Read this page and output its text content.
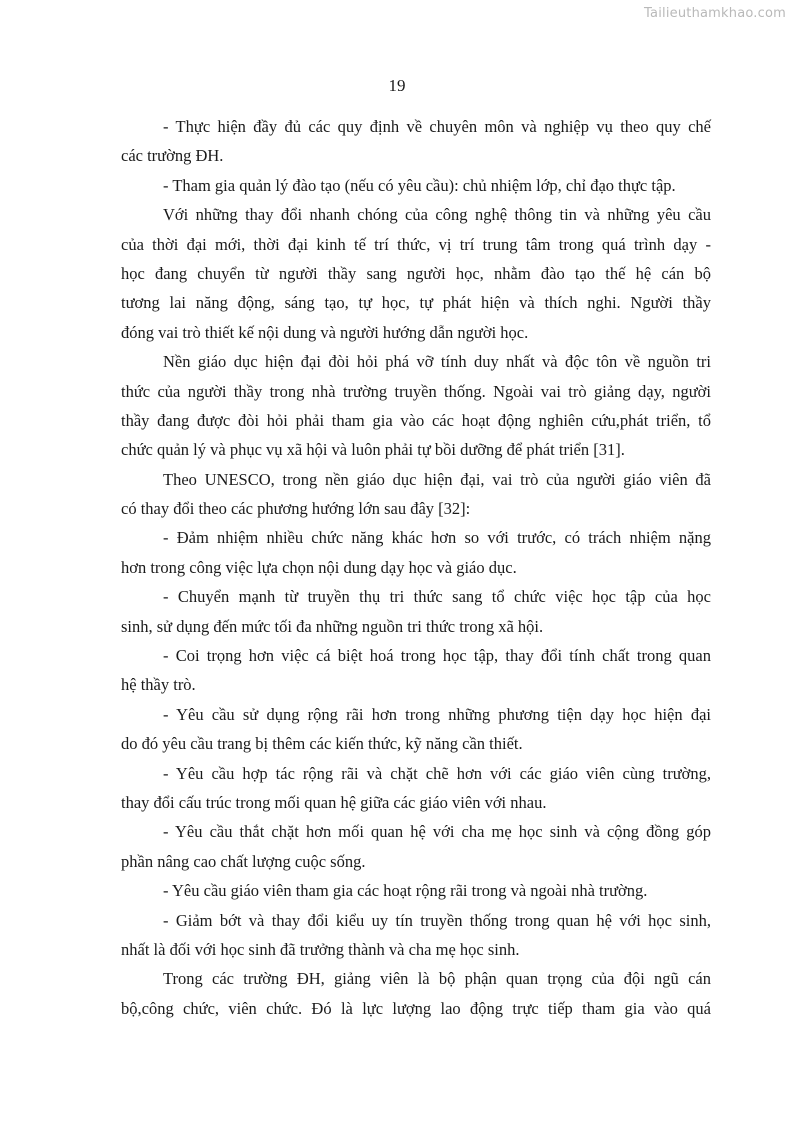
Tailieuthamkhao.com
19
- Thực hiện đầy đủ các quy định về chuyên môn và nghiệp vụ theo quy chế
các trường ĐH.
- Tham gia quản lý đào tạo (nếu có yêu cầu): chủ nhiệm lớp, chỉ đạo thực tập.
Với những thay đổi nhanh chóng của công nghệ thông tin và những yêu cầu
của thời đại mới, thời đại kinh tế trí thức, vị trí trung tâm trong quá trình dạy -
học đang chuyển từ người thầy sang người học, nhằm đào tạo thế hệ cán bộ
tương lai năng động, sáng tạo, tự học, tự phát hiện và thích nghi. Người thầy
đóng vai trò thiết kế nội dung và người hướng dẫn người học.
Nền giáo dục hiện đại đòi hỏi phá vỡ tính duy nhất và độc tôn về nguồn tri
thức của người thầy trong nhà trường truyền thống. Ngoài vai trò giảng dạy, người
thầy đang được đòi hỏi phải tham gia vào các hoạt động nghiên cứu,phát triển, tổ
chức quản lý và phục vụ xã hội và luôn phải tự bồi dưỡng để phát triển [31].
Theo UNESCO, trong nền giáo dục hiện đại, vai trò của người giáo viên đã
có thay đổi theo các phương hướng lớn sau đây [32]:
- Đảm nhiệm nhiều chức năng khác hơn so với trước, có trách nhiệm nặng
hơn trong công việc lựa chọn nội dung dạy học và giáo dục.
- Chuyển mạnh từ truyền thụ tri thức sang tổ chức việc học tập của học
sinh, sử dụng đến mức tối đa những nguồn tri thức trong xã hội.
- Coi trọng hơn việc cá biệt hoá trong học tập, thay đổi tính chất trong quan
hệ thầy trò.
- Yêu cầu sử dụng rộng rãi hơn trong những phương tiện dạy học hiện đại
do đó yêu cầu trang bị thêm các kiến thức, kỹ năng cần thiết.
- Yêu cầu hợp tác rộng rãi và chặt chẽ hơn với các giáo viên cùng trường,
thay đổi cấu trúc trong mối quan hệ giữa các giáo viên với nhau.
- Yêu cầu thắt chặt hơn mối quan hệ với cha mẹ học sinh và cộng đồng góp
phần nâng cao chất lượng cuộc sống.
- Yêu cầu giáo viên tham gia các hoạt rộng rãi trong và ngoài nhà trường.
- Giảm bớt và thay đổi kiểu uy tín truyền thống trong quan hệ với học sinh,
nhất là đối với học sinh đã trưởng thành và cha mẹ học sinh.
Trong các trường ĐH, giảng viên là bộ phận quan trọng của đội ngũ cán
bộ,công chức, viên chức. Đó là lực lượng lao động trực tiếp tham gia vào quá
